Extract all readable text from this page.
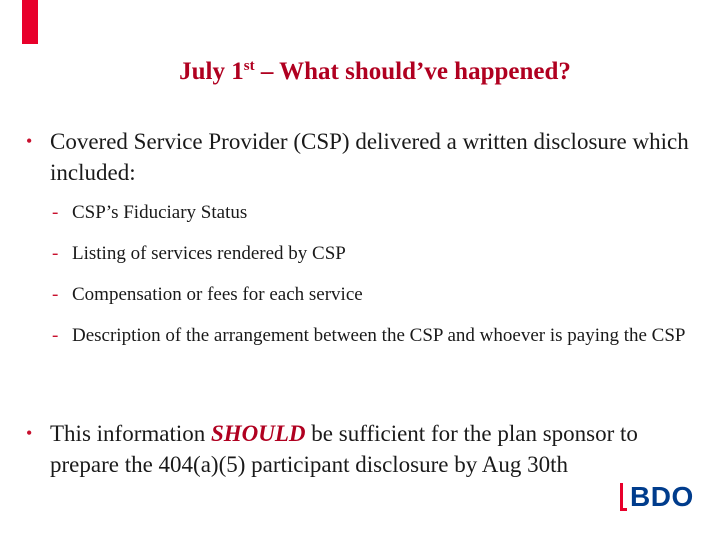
July 1st – What should’ve happened?
• Covered Service Provider (CSP) delivered a written disclosure which included:
- CSP’s Fiduciary Status
- Listing of services rendered by CSP
- Compensation or fees for each service
- Description of the arrangement between the CSP and whoever is paying the CSP
• This information SHOULD be sufficient for the plan sponsor to prepare the 404(a)(5) participant disclosure by Aug 30th
BDO
